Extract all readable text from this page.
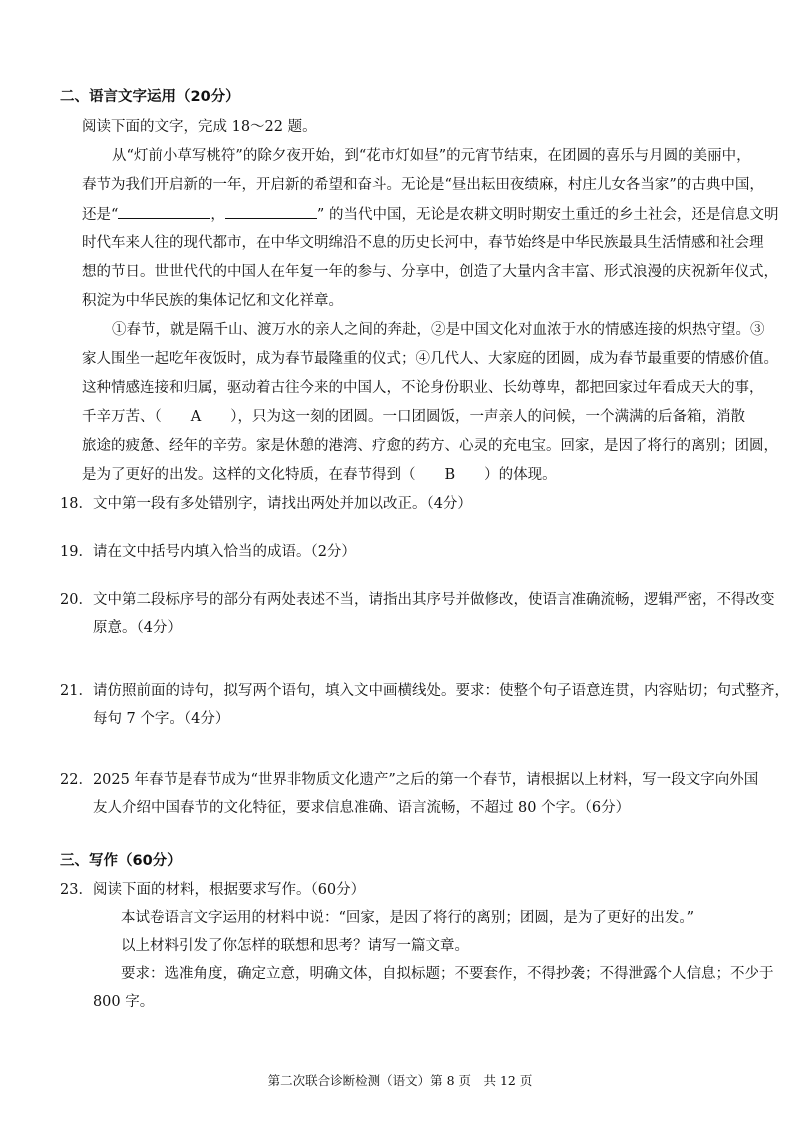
二、语言文字运用（20分）
阅读下面的文字，完成 18～22 题。
从“灯前小草写桃符”的除夕夜开始，到“花市灯如昼”的元宵节结束，在团圆的喜乐与月圆的美丽中，
春节为我们开启新的一年，开启新的希望和奋斗。无论是“昼出耘田夜绩麻，村庄儿女各当家”的古典中国，
还是“	，	” 的当代中国，无论是农耕文明时期安土重迁的乡土社会，还是信息文明
时代车来人往的现代都市，在中华文明绵沿不息的历史长河中，春节始终是中华民族最具生活情感和社会理
想的节日。世世代代的中国人在年复一年的参与、分享中，创造了大量内含丰富、形式浪漫的庆祝新年仪式，
积淀为中华民族的集体记忆和文化祥章。
①春节，就是隔千山、渡万水的亲人之间的奔赴，②是中国文化对血浓于水的情感连接的炽热守望。③
家人围坐一起吃年夜饭时，成为春节最隆重的仪式；④几代人、大家庭的团圆，成为春节最重要的情感价值。
这种情感连接和归属，驱动着古往今来的中国人，不论身份职业、长幼尊卑，都把回家过年看成天大的事，
千辛万苦、（　　A　　），只为这一刻的团圆。一口团圆饭，一声亲人的问候，一个满满的后备箱，消散
旅途的疲惫、经年的辛劳。家是休憩的港湾、疗愈的药方、心灵的充电宝。回家，是因了将行的离别；团圆，
是为了更好的出发。这样的文化特质，在春节得到（　　B　　）的体现。
18． 文中第一段有多处错别字，请找出两处并加以改正。（4分）
19． 请在文中括号内填入恰当的成语。（2分）
20． 文中第二段标序号的部分有两处表述不当，请指出其序号并做修改，使语言准确流畅，逻辑严密，不得改变
原意。（4分）
21． 请仿照前面的诗句，拟写两个语句，填入文中画横线处。要求：使整个句子语意连贯，内容贴切；句式整齐，
每句 7 个字。（4分）
22． 2025 年春节是春节成为“世界非物质文化遗产”之后的第一个春节，请根据以上材料，写一段文字向外国
友人介绍中国春节的文化特征，要求信息准确、语言流畅，不超过 80 个字。（6分）
三、写作（60分）
23． 阅读下面的材料，根据要求写作。（60分）
本试卷语言文字运用的材料中说：“回家，是因了将行的离别；团圆，是为了更好的出发。”
以上材料引发了你怎样的联想和思考？请写一篇文章。
要求：选准角度，确定立意，明确文体，自拟标题；不要套作，不得抄袭；不得泄露个人信息；不少于
800 字。
第二次联合诊断检测（语文）第 8 页　共 12 页
